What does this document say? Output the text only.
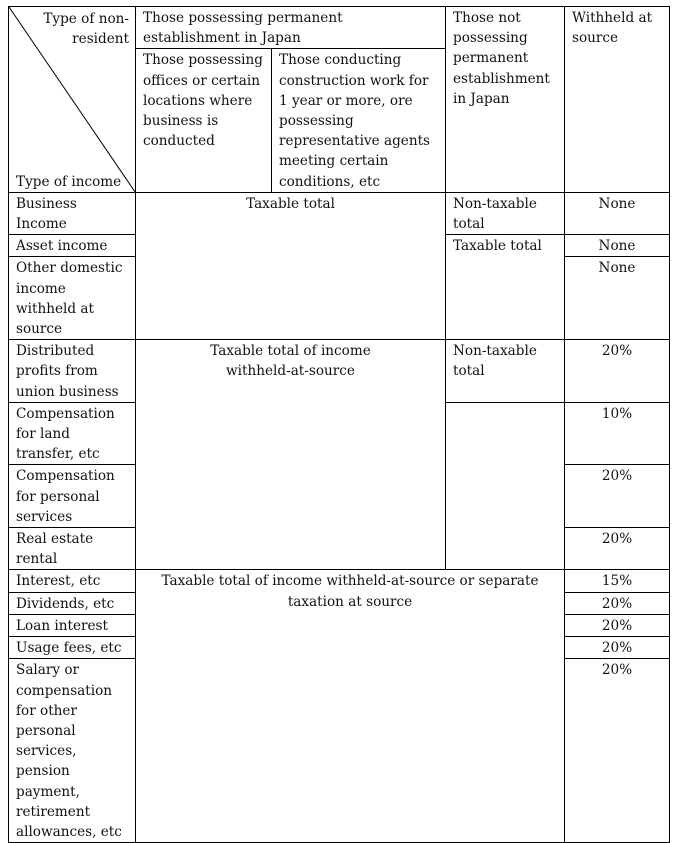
Type of non-resident
Type of income	Those possessing permanent establishment in Japan		Those not possessing permanent establishment in Japan	Withheld at source
	Those possessing offices or certain locations where business is conducted	Those conducting construction work for 1 year or more, ore possessing representative agents meeting certain conditions, etc		
Business Income	Taxable total		Non-taxable total	None
Asset income			Taxable total	None
Other domestic income withheld at source				None
Distributed profits from union business	Taxable total of income withheld-at-source		Non-taxable total	20%
Compensation for land transfer, etc				10%
Compensation for personal services				20%
Real estate rental				20%
Interest, etc	Taxable total of income withheld-at-source or separate taxation at source			15%
Dividends, etc				20%
Loan interest				20%
Usage fees, etc				20%
Salary or compensation for other personal services, pension payment, retirement allowances, etc				20%
